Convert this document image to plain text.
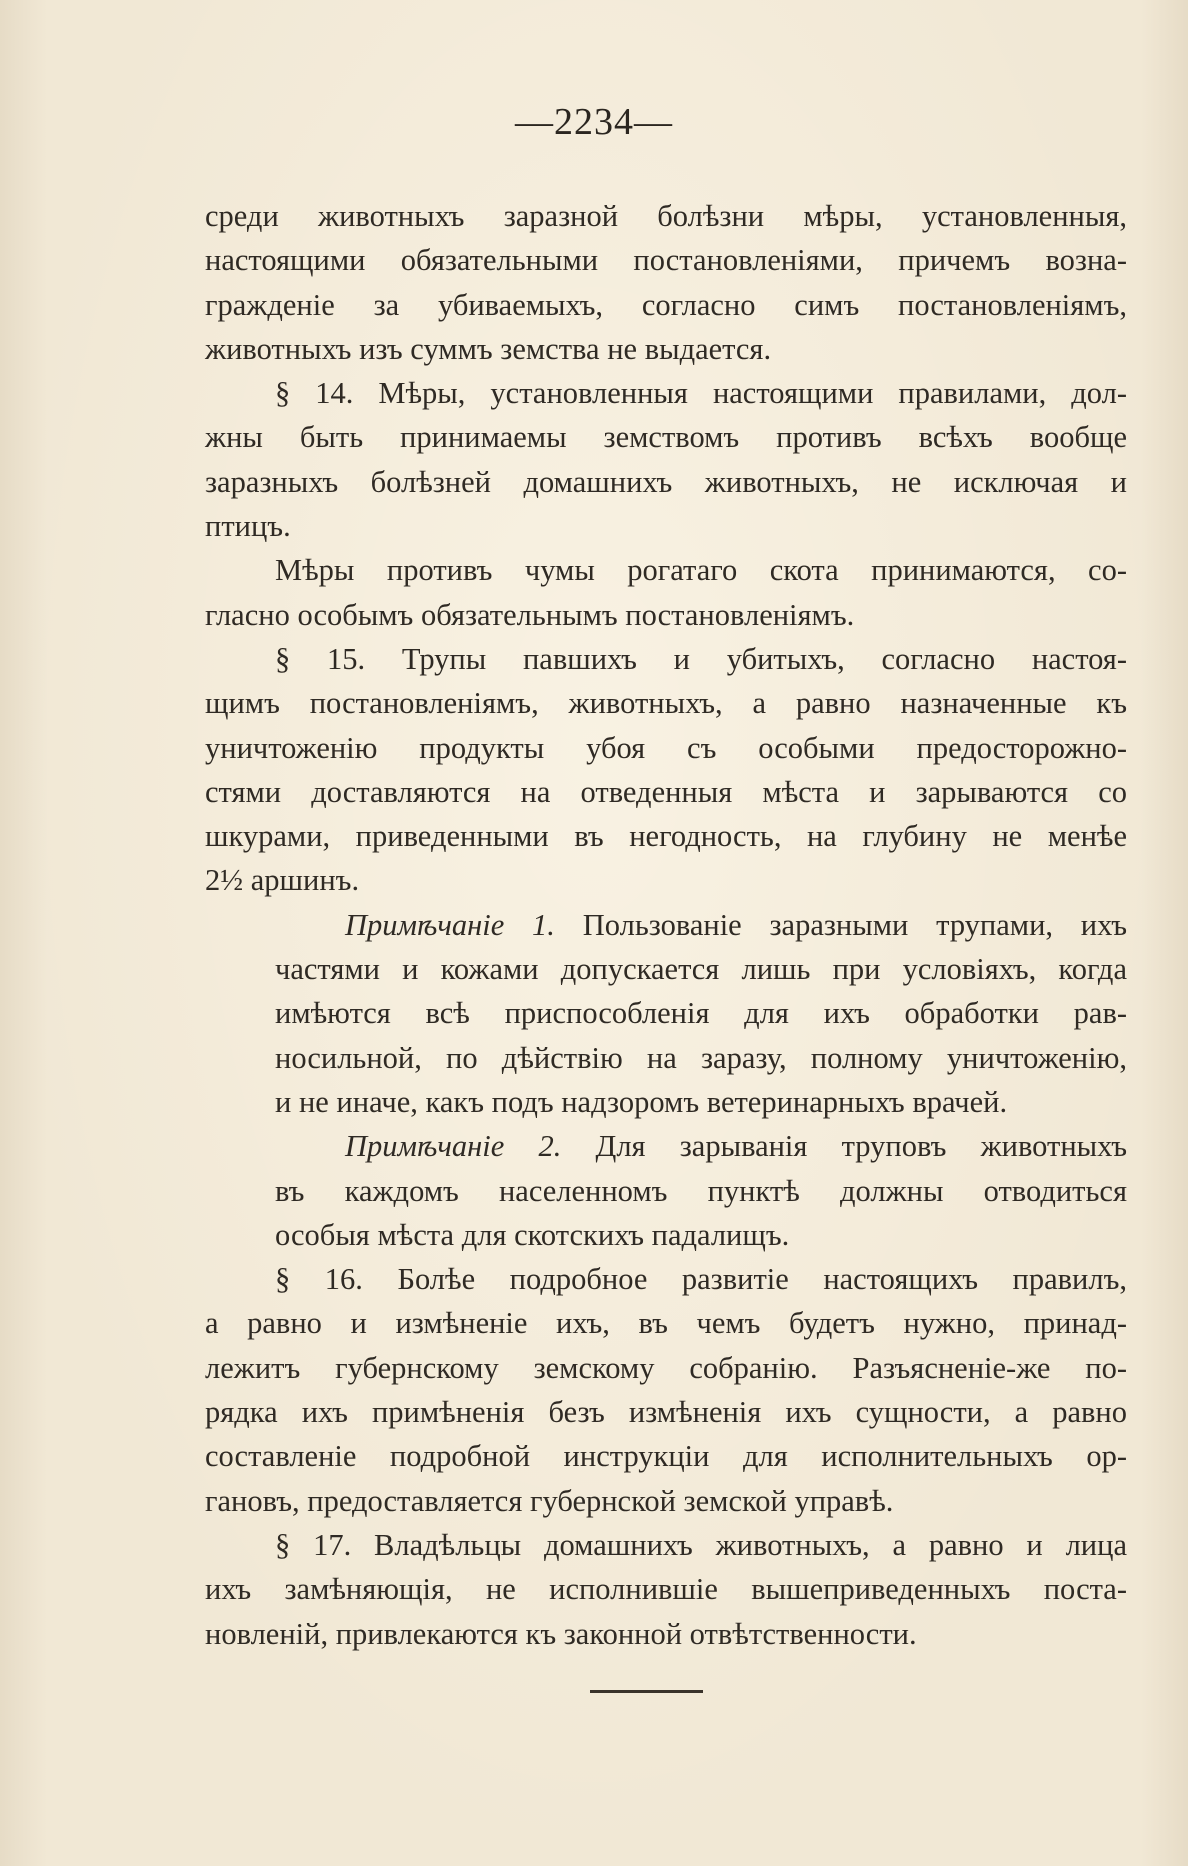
—2234—
среди животныхъ заразной болѣзни мѣры, установленныя,
настоящими обязательными постановленіями, причемъ возна-
гражденіе за убиваемыхъ, согласно симъ постановленіямъ,
животныхъ изъ суммъ земства не выдается.
§ 14. Мѣры, установленныя настоящими правилами, дол-
жны быть принимаемы земствомъ противъ всѣхъ вообще
заразныхъ болѣзней домашнихъ животныхъ, не исключая и
птицъ.
Мѣры противъ чумы рогатаго скота принимаются, со-
гласно особымъ обязательнымъ постановленіямъ.
§ 15. Трупы павшихъ и убитыхъ, согласно настоя-
щимъ постановленіямъ, животныхъ, а равно назначенные къ
уничтоженію продукты убоя съ особыми предосторожно-
стями доставляются на отведенныя мѣста и зарываются со
шкурами, приведенными въ негодность, на глубину не менѣе
2½ аршинъ.
Примѣчаніе 1. Пользованіе заразными трупами, ихъ
частями и кожами допускается лишь при условіяхъ, когда
имѣются всѣ приспособленія для ихъ обработки рав-
носильной, по дѣйствію на заразу, полному уничтоженію,
и не иначе, какъ подъ надзоромъ ветеринарныхъ врачей.
Примѣчаніе 2. Для зарыванія труповъ животныхъ
въ каждомъ населенномъ пунктѣ должны отводиться
особыя мѣста для скотскихъ падалищъ.
§ 16. Болѣе подробное развитіе настоящихъ правилъ,
а равно и измѣненіе ихъ, въ чемъ будетъ нужно, принад-
лежитъ губернскому земскому собранію. Разъясненіе-же по-
рядка ихъ примѣненія безъ измѣненія ихъ сущности, а равно
составленіе подробной инструкціи для исполнительныхъ ор-
гановъ, предоставляется губернской земской управѣ.
§ 17. Владѣльцы домашнихъ животныхъ, а равно и лица
ихъ замѣняющія, не исполнившіе вышеприведенныхъ поста-
новленій, привлекаются къ законной отвѣтственности.
